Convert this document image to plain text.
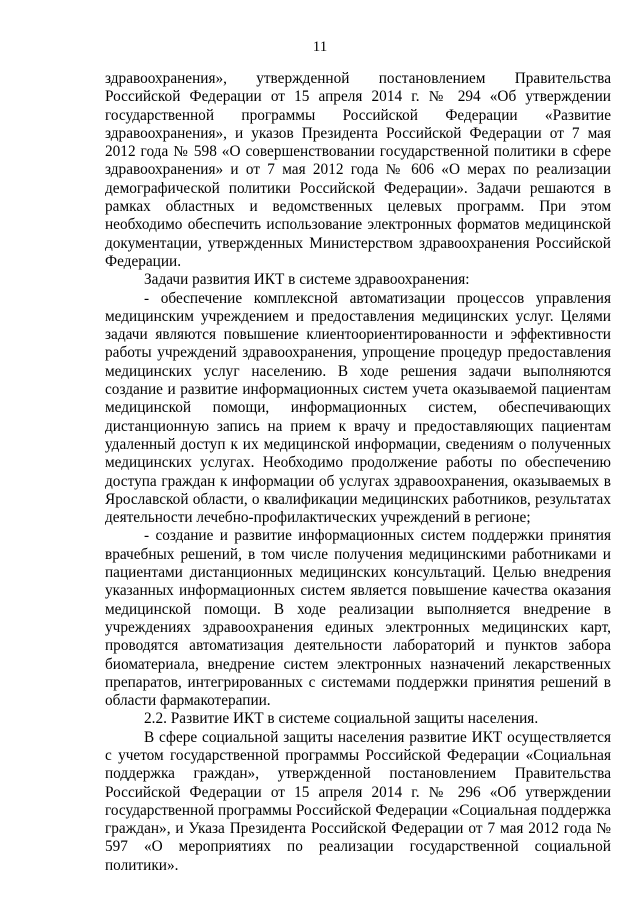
11

здравоохранения», утвержденной постановлением Правительства Российской Федерации от 15 апреля 2014 г. № 294 «Об утверждении государственной программы Российской Федерации «Развитие здравоохранения», и указов Президента Российской Федерации от 7 мая 2012 года № 598 «О совершенствовании государственной политики в сфере здравоохранения» и от 7 мая 2012 года № 606 «О мерах по реализации демографической политики Российской Федерации». Задачи решаются в рамках областных и ведомственных целевых программ. При этом необходимо обеспечить использование электронных форматов медицинской документации, утвержденных Министерством здравоохранения Российской Федерации.

Задачи развития ИКТ в системе здравоохранения:

- обеспечение комплексной автоматизации процессов управления медицинским учреждением и предоставления медицинских услуг. Целями задачи являются повышение клиентоориентированности и эффективности работы учреждений здравоохранения, упрощение процедур предоставления медицинских услуг населению. В ходе решения задачи выполняются создание и развитие информационных систем учета оказываемой пациентам медицинской помощи, информационных систем, обеспечивающих дистанционную запись на прием к врачу и предоставляющих пациентам удаленный доступ к их медицинской информации, сведениям о полученных медицинских услугах. Необходимо продолжение работы по обеспечению доступа граждан к информации об услугах здравоохранения, оказываемых в Ярославской области, о квалификации медицинских работников, результатах деятельности лечебно-профилактических учреждений в регионе;

- создание и развитие информационных систем поддержки принятия врачебных решений, в том числе получения медицинскими работниками и пациентами дистанционных медицинских консультаций. Целью внедрения указанных информационных систем является повышение качества оказания медицинской помощи. В ходе реализации выполняется внедрение в учреждениях здравоохранения единых электронных медицинских карт, проводятся автоматизация деятельности лабораторий и пунктов забора биоматериала, внедрение систем электронных назначений лекарственных препаратов, интегрированных с системами поддержки принятия решений в области фармакотерапии.

2.2. Развитие ИКТ в системе социальной защиты населения.

В сфере социальной защиты населения развитие ИКТ осуществляется с учетом государственной программы Российской Федерации «Социальная поддержка граждан», утвержденной постановлением Правительства Российской Федерации от 15 апреля 2014 г. № 296 «Об утверждении государственной программы Российской Федерации «Социальная поддержка граждан», и Указа Президента Российской Федерации от 7 мая 2012 года № 597 «О мероприятиях по реализации государственной социальной политики».
